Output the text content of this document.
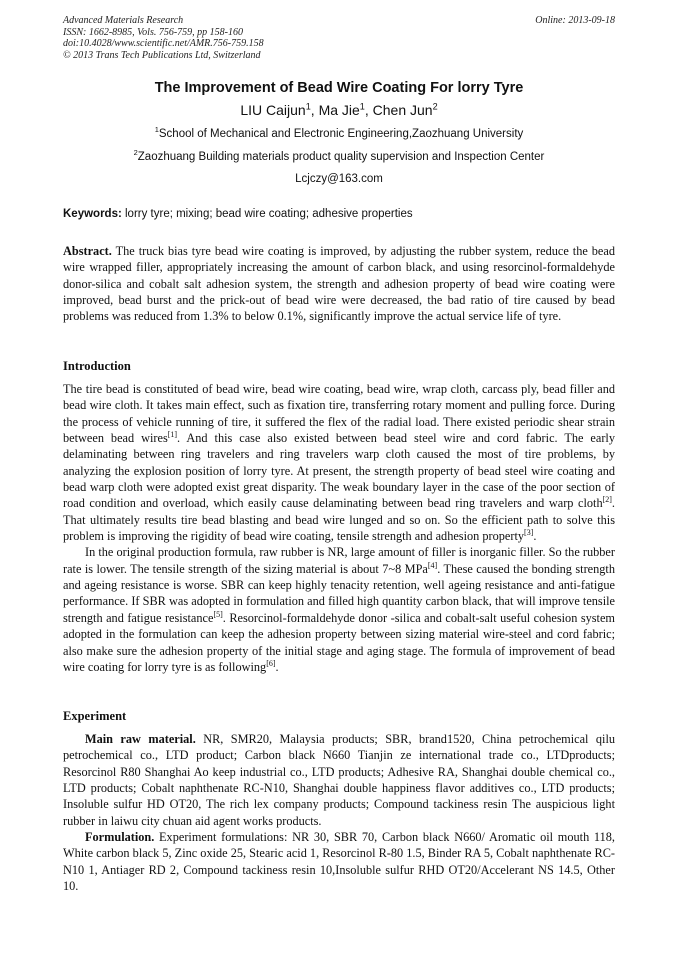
Advanced Materials Research
ISSN: 1662-8985, Vols. 756-759, pp 158-160
doi:10.4028/www.scientific.net/AMR.756-759.158
© 2013 Trans Tech Publications Ltd, Switzerland
Online: 2013-09-18
The Improvement of Bead Wire Coating For lorry Tyre
LIU Caijun$^1$, Ma Jie$^1$, Chen Jun$^2$
$^1$School of Mechanical and Electronic Engineering,Zaozhuang University
$^2$Zaozhuang Building materials product quality supervision and Inspection Center
Lcjczy@163.com
Keywords: lorry tyre; mixing; bead wire coating; adhesive properties

Abstract. The truck bias tyre bead wire coating is improved, by adjusting the rubber system, reduce the bead wire wrapped filler, appropriately increasing the amount of carbon black, and using resorcinol-formaldehyde donor-silica and cobalt salt adhesion system, the strength and adhesion property of bead wire coating were improved, bead burst and the prick-out of bead wire were decreased, the bad ratio of tire caused by bead problems was reduced from 1.3% to below 0.1%, significantly improve the actual service life of tyre.

Introduction

The tire bead is constituted of bead wire, bead wire coating, bead wire, wrap cloth, carcass ply, bead filler and bead wire cloth. It takes main effect, such as fixation tire, transferring rotary moment and pulling force. During the process of vehicle running of tire, it suffered the flex of the radial load. There existed periodic shear strain between bead wires[1]. And this case also existed between bead steel wire and cord fabric. The early delaminating between ring travelers and ring travelers warp cloth caused the most of tire problems, by analyzing the explosion position of lorry tyre. At present, the strength property of bead steel wire coating and bead warp cloth were adopted exist great disparity. The weak boundary layer in the case of the poor section of road condition and overload, which easily cause delaminating between bead ring travelers and warp cloth[2]. That ultimately results tire bead blasting and bead wire lunged and so on. So the efficient path to solve this problem is improving the rigidity of bead wire coating, tensile strength and adhesion property[3].

In the original production formula, raw rubber is NR, large amount of filler is inorganic filler. So the rubber rate is lower. The tensile strength of the sizing material is about 7~8 MPa[4]. These caused the bonding strength and ageing resistance is worse. SBR can keep highly tenacity retention, well ageing resistance and anti-fatigue performance. If SBR was adopted in formulation and filled high quantity carbon black, that will improve tensile strength and fatigue resistance[5]. Resorcinol-formaldehyde donor -silica and cobalt-salt useful cohesion system adopted in the formulation can keep the adhesion property between sizing material wire-steel and cord fabric; also make sure the adhesion property of the initial stage and aging stage. The formula of improvement of bead wire coating for lorry tyre is as following[6].

Experiment

Main raw material. NR, SMR20, Malaysia products; SBR, brand1520, China petrochemical qilu petrochemical co., LTD product; Carbon black N660 Tianjin ze international trade co., LTDproducts; Resorcinol R80 Shanghai Ao keep industrial co., LTD products; Adhesive RA, Shanghai double chemical co., LTD products; Cobalt naphthenate RC-N10, Shanghai double happiness flavor additives co., LTD products; Insoluble sulfur HD OT20, The rich lex company products; Compound tackiness resin The auspicious light rubber in laiwu city chuan aid agent works products.

Formulation. Experiment formulations: NR 30, SBR 70, Carbon black N660/ Aromatic oil mouth 118, White carbon black 5, Zinc oxide 25, Stearic acid 1, Resorcinol R-80 1.5, Binder RA 5, Cobalt naphthenate RC-N10 1, Antiager RD 2, Compound tackiness resin 10,Insoluble sulfur RHD OT20/Accelerant NS 14.5, Other 10.
